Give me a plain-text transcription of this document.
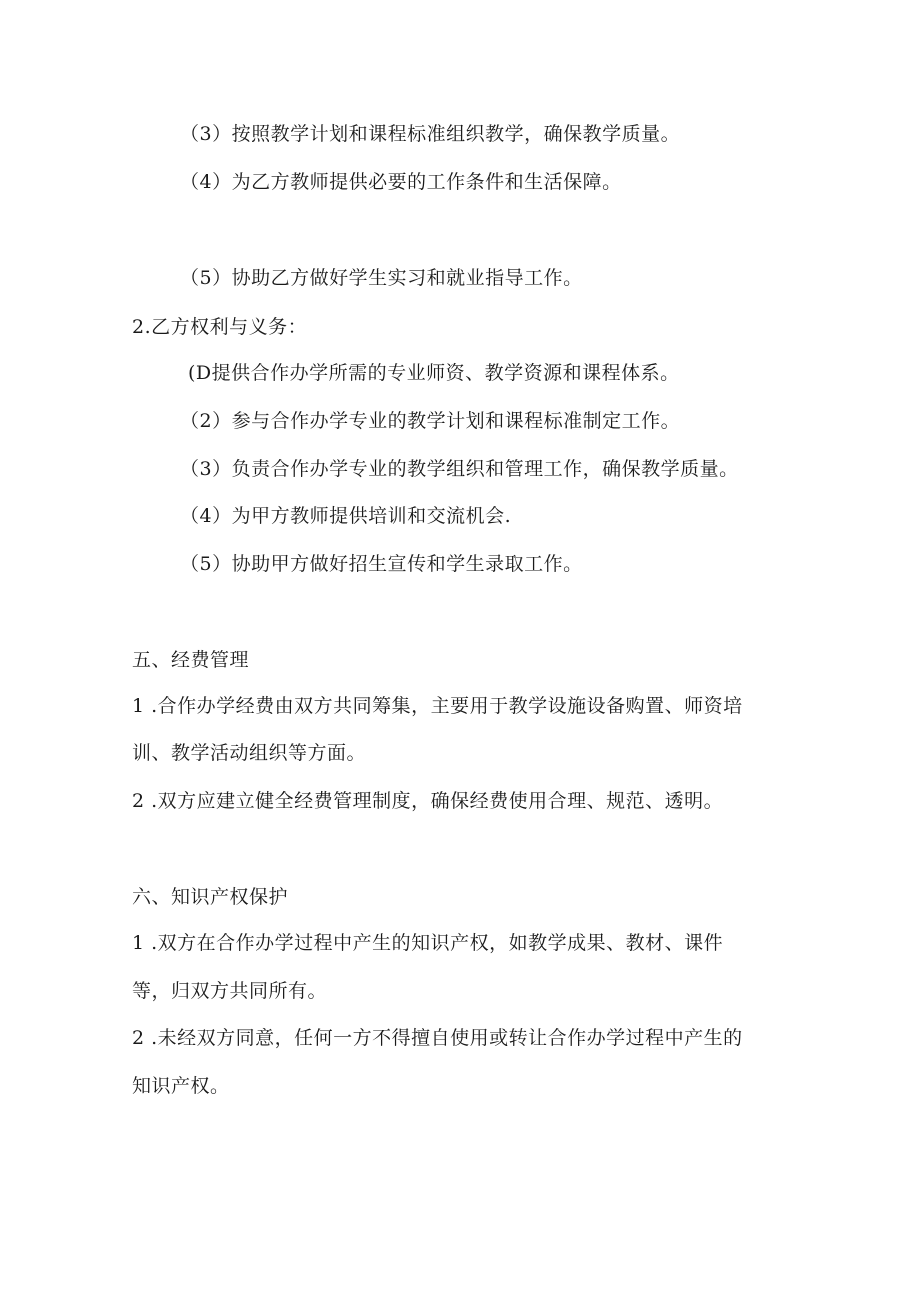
（3）按照教学计划和课程标准组织教学，确保教学质量。
（4）为乙方教师提供必要的工作条件和生活保障。
（5）协助乙方做好学生实习和就业指导工作。
2.乙方权利与义务：
(D提供合作办学所需的专业师资、教学资源和课程体系。
（2）参与合作办学专业的教学计划和课程标准制定工作。
（3）负责合作办学专业的教学组织和管理工作，确保教学质量。
（4）为甲方教师提供培训和交流机会.
（5）协助甲方做好招生宣传和学生录取工作。
五、经费管理
1 .合作办学经费由双方共同筹集，主要用于教学设施设备购置、师资培
训、教学活动组织等方面。
2 .双方应建立健全经费管理制度，确保经费使用合理、规范、透明。
六、知识产权保护
1 .双方在合作办学过程中产生的知识产权，如教学成果、教材、课件
等，归双方共同所有。
2 .未经双方同意，任何一方不得擅自使用或转让合作办学过程中产生的
知识产权。
